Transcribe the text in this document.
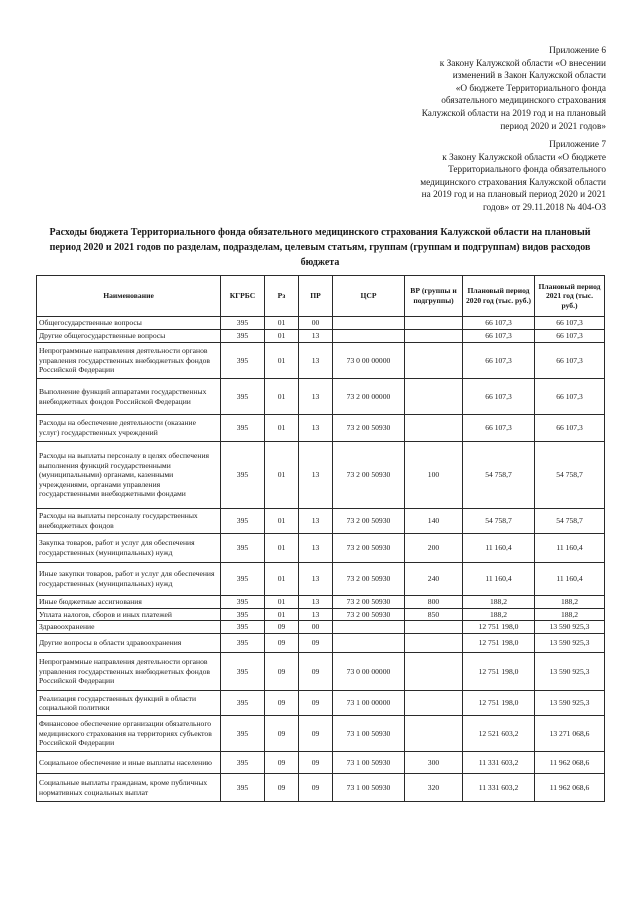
Приложение 6
к Закону Калужской области «О внесении
изменений в Закон Калужской области
«О бюджете Территориального фонда
обязательного медицинского страхования
Калужской области на 2019 год и на плановый
период 2020 и 2021 годов»
Приложение 7
к Закону Калужской области «О бюджете
Территориального фонда обязательного
медицинского страхования Калужской области
на 2019 год и на плановый период 2020 и 2021
годов» от 29.11.2018 № 404-ОЗ
Расходы бюджета Территориального фонда обязательного медицинского страхования Калужской области на плановый период 2020 и 2021 годов по разделам, подразделам, целевым статьям, группам (группам и подгруппам) видов расходов бюджета
Наименование	КГРБС	Рз	ПР	ЦСР	ВР (группы и подгруппы)	Плановый период 2020 год (тыс. руб.)	Плановый период 2021 год (тыс. руб.)
Общегосударственные вопросы	395	01	00			66 107,3	66 107,3
Другие общегосударственные вопросы	395	01	13			66 107,3	66 107,3
Непрограммные направления деятельности органов управления государственных внебюджетных фондов Российской Федерации	395	01	13	73 0 00 00000		66 107,3	66 107,3
Выполнение функций аппаратами государственных внебюджетных фондов Российской Федерации	395	01	13	73 2 00 00000		66 107,3	66 107,3
Расходы на обеспечение деятельности (оказание услуг) государственных учреждений	395	01	13	73 2 00 50930		66 107,3	66 107,3
Расходы на выплаты персоналу в целях обеспечения выполнения функций государственными (муниципальными) органами, казенными учреждениями, органами управления государственными внебюджетными фондами	395	01	13	73 2 00 50930	100	54 758,7	54 758,7
Расходы на выплаты персоналу государственных внебюджетных фондов	395	01	13	73 2 00 50930	140	54 758,7	54 758,7
Закупка товаров, работ и услуг для обеспечения государственных (муниципальных) нужд	395	01	13	73 2 00 50930	200	11 160,4	11 160,4
Иные закупки товаров, работ и услуг для обеспечения государственных (муниципальных) нужд	395	01	13	73 2 00 50930	240	11 160,4	11 160,4
Иные бюджетные ассигнования	395	01	13	73 2 00 50930	800	188,2	188,2
Уплата налогов, сборов и иных платежей	395	01	13	73 2 00 50930	850	188,2	188,2
Здравоохранение	395	09	00			12 751 198,0	13 590 925,3
Другие вопросы в области здравоохранения	395	09	09			12 751 198,0	13 590 925,3
Непрограммные направления деятельности органов управления государственных внебюджетных фондов Российской Федерации	395	09	09	73 0 00 00000		12 751 198,0	13 590 925,3
Реализация государственных функций в области социальной политики	395	09	09	73 1 00 00000		12 751 198,0	13 590 925,3
Финансовое обеспечение организации обязательного медицинского страхования на территориях субъектов Российской Федерации	395	09	09	73 1 00 50930		12 521 603,2	13 271 068,6
Социальное обеспечение и иные выплаты населению	395	09	09	73 1 00 50930	300	11 331 603,2	11 962 068,6
Социальные выплаты гражданам, кроме публичных нормативных социальных выплат	395	09	09	73 1 00 50930	320	11 331 603,2	11 962 068,6
